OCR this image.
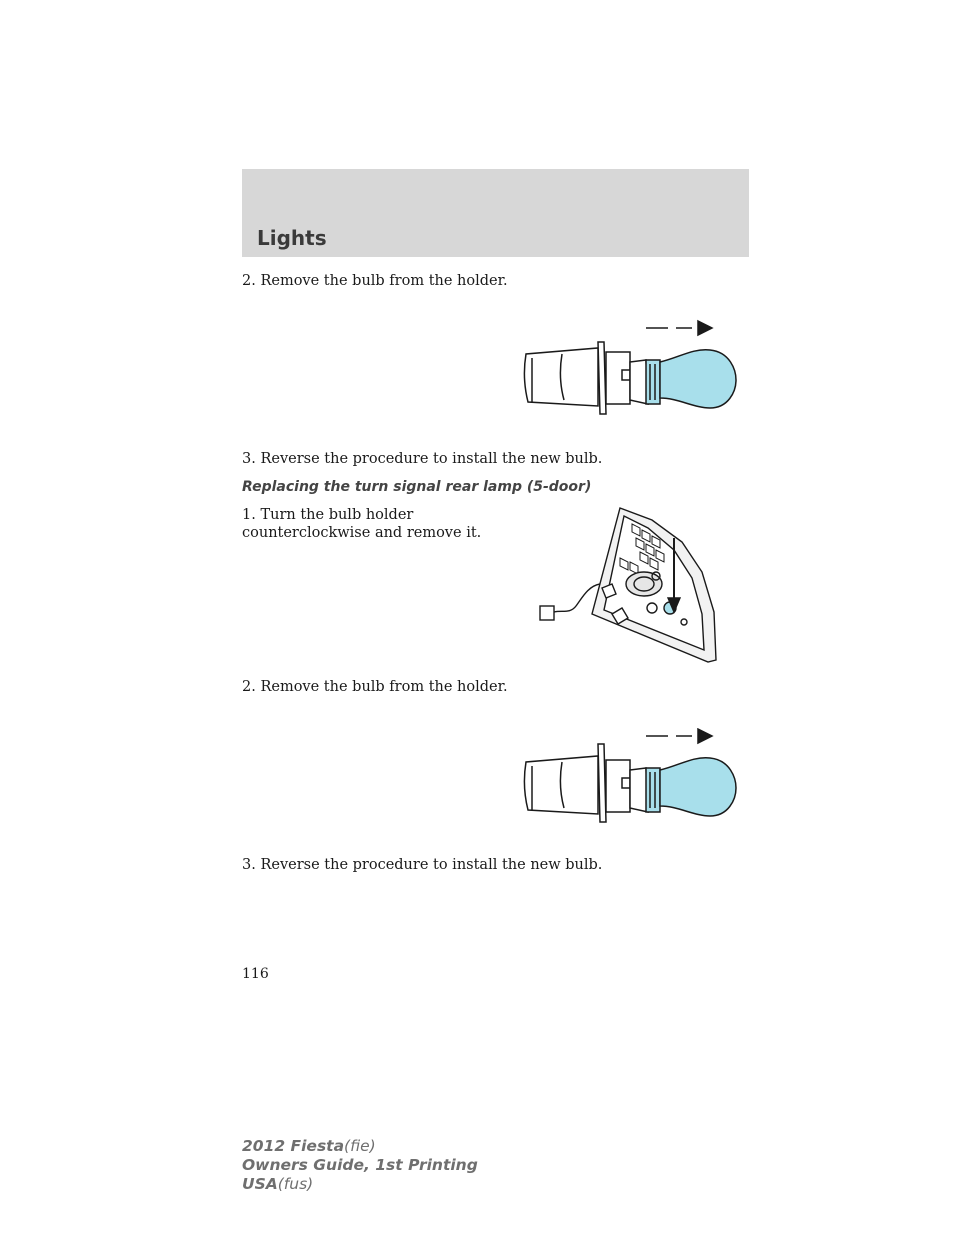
Lights

2. Remove the bulb from the holder.

3. Reverse the procedure to install the new bulb.

Replacing the turn signal rear lamp (5-door)

1. Turn the bulb holder

counterclockwise and remove it.

2. Remove the bulb from the holder.

3. Reverse the procedure to install the new bulb.

116
2012 Fiesta(fie)
Owners Guide, 1st Printing
USA(fus)
